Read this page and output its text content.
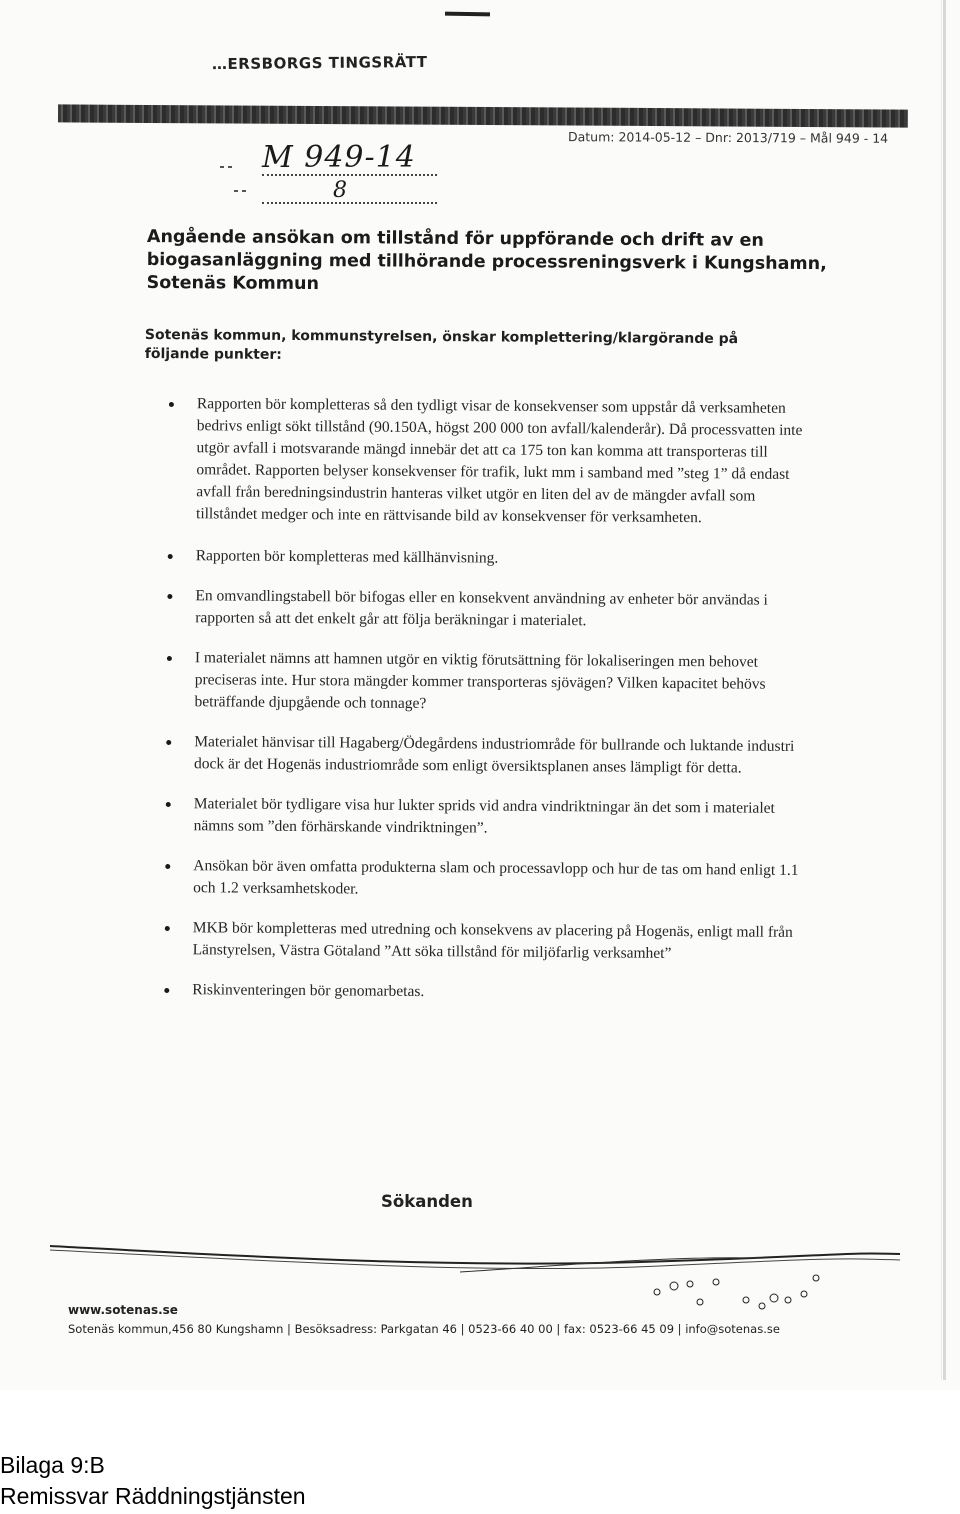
…ERSBORGS TINGSRÄTT
Datum: 2014-05-12 – Dnr: 2013/719 – Mål 949 - 14
M 949-14
8
Angående ansökan om tillstånd för uppförande och drift av en biogasanläggning med tillhörande processreningsverk i Kungshamn, Sotenäs Kommun
Sotenäs kommun, kommunstyrelsen, önskar komplettering/klargörande på följande punkter:
Rapporten bör kompletteras så den tydligt visar de konsekvenser som uppstår då verksamheten bedrivs enligt sökt tillstånd (90.150A, högst 200 000 ton avfall/kalenderår). Då processvatten inte utgör avfall i motsvarande mängd innebär det att ca 175 ton kan komma att transporteras till området. Rapporten belyser konsekvenser för trafik, lukt mm i samband med ”steg 1” då endast avfall från beredningsindustrin hanteras vilket utgör en liten del av de mängder avfall som tillståndet medger och inte en rättvisande bild av konsekvenser för verksamheten.
Rapporten bör kompletteras med källhänvisning.
En omvandlingstabell bör bifogas eller en konsekvent användning av enheter bör användas i rapporten så att det enkelt går att följa beräkningar i materialet.
I materialet nämns att hamnen utgör en viktig förutsättning för lokaliseringen men behovet preciseras inte. Hur stora mängder kommer transporteras sjövägen? Vilken kapacitet behövs beträffande djupgående och tonnage?
Materialet hänvisar till Hagaberg/Ödegårdens industriområde för bullrande och luktande industri dock är det Hogenäs industriområde som enligt översiktsplanen anses lämpligt för detta.
Materialet bör tydligare visa hur lukter sprids vid andra vindriktningar än det som i materialet nämns som ”den förhärskande vindriktningen”.
Ansökan bör även omfatta produkterna slam och processavlopp och hur de tas om hand enligt 1.1 och 1.2 verksamhetskoder.
MKB bör kompletteras med utredning och konsekvens av placering på Hogenäs, enligt mall från Länstyrelsen, Västra Götaland ”Att söka tillstånd för miljöfarlig verksamhet”
Riskinventeringen bör genomarbetas.
Sökanden
www.sotenas.se
Sotenäs kommun,456 80 Kungshamn | Besöksadress: Parkgatan 46 | 0523-66 40 00 | fax: 0523-66 45 09 | info@sotenas.se
Bilaga 9:B
Remissvar Räddningstjänsten
